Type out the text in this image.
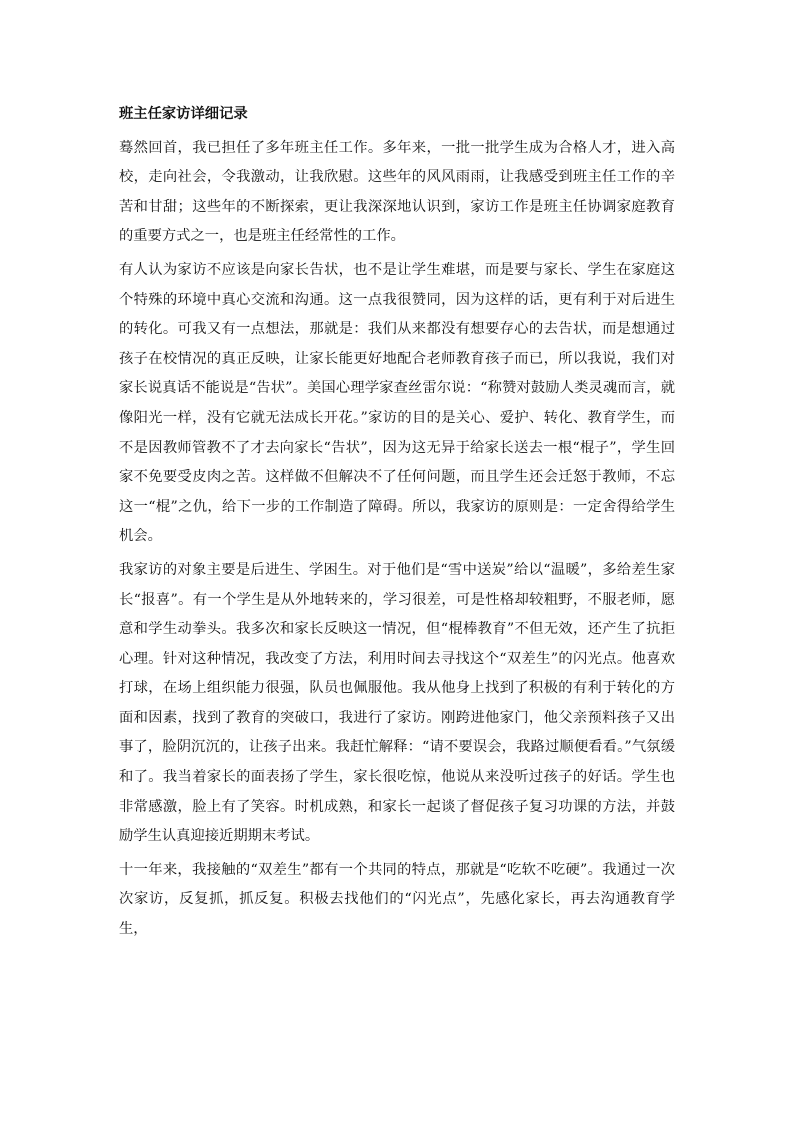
班主任家访详细记录

蓦然回首，我已担任了多年班主任工作。多年来，一批一批学生成为合格人才，进入高校，走向社会，令我激动，让我欣慰。这些年的风风雨雨，让我感受到班主任工作的辛苦和甘甜；这些年的不断探索，更让我深深地认识到，家访工作是班主任协调家庭教育的重要方式之一，也是班主任经常性的工作。

有人认为家访不应该是向家长告状，也不是让学生难堪，而是要与家长、学生在家庭这个特殊的环境中真心交流和沟通。这一点我很赞同，因为这样的话，更有利于对后进生的转化。可我又有一点想法，那就是：我们从来都没有想要存心的去告状，而是想通过孩子在校情况的真正反映，让家长能更好地配合老师教育孩子而已，所以我说，我们对家长说真话不能说是“告状”。美国心理学家查丝雷尔说：“称赞对鼓励人类灵魂而言，就像阳光一样，没有它就无法成长开花。”家访的目的是关心、爱护、转化、教育学生，而不是因教师管教不了才去向家长“告状”，因为这无异于给家长送去一根“棍子”，学生回家不免要受皮肉之苦。这样做不但解决不了任何问题，而且学生还会迁怒于教师，不忘这一“棍”之仇，给下一步的工作制造了障碍。所以，我家访的原则是：一定舍得给学生机会。

我家访的对象主要是后进生、学困生。对于他们是“雪中送炭”给以“温暖”，多给差生家长“报喜”。有一个学生是从外地转来的，学习很差，可是性格却较粗野，不服老师，愿意和学生动拳头。我多次和家长反映这一情况，但“棍棒教育”不但无效，还产生了抗拒心理。针对这种情况，我改变了方法，利用时间去寻找这个“双差生”的闪光点。他喜欢打球，在场上组织能力很强，队员也佩服他。我从他身上找到了积极的有利于转化的方面和因素，找到了教育的突破口，我进行了家访。刚跨进他家门，他父亲预料孩子又出事了，脸阴沉沉的，让孩子出来。我赶忙解释：“请不要误会，我路过顺便看看。”气氛缓和了。我当着家长的面表扬了学生，家长很吃惊，他说从来没听过孩子的好话。学生也非常感激，脸上有了笑容。时机成熟，和家长一起谈了督促孩子复习功课的方法，并鼓励学生认真迎接近期期末考试。

十一年来，我接触的“双差生”都有一个共同的特点，那就是“吃软不吃硬”。我通过一次次家访，反复抓，抓反复。积极去找他们的“闪光点”，先感化家长，再去沟通教育学生，
